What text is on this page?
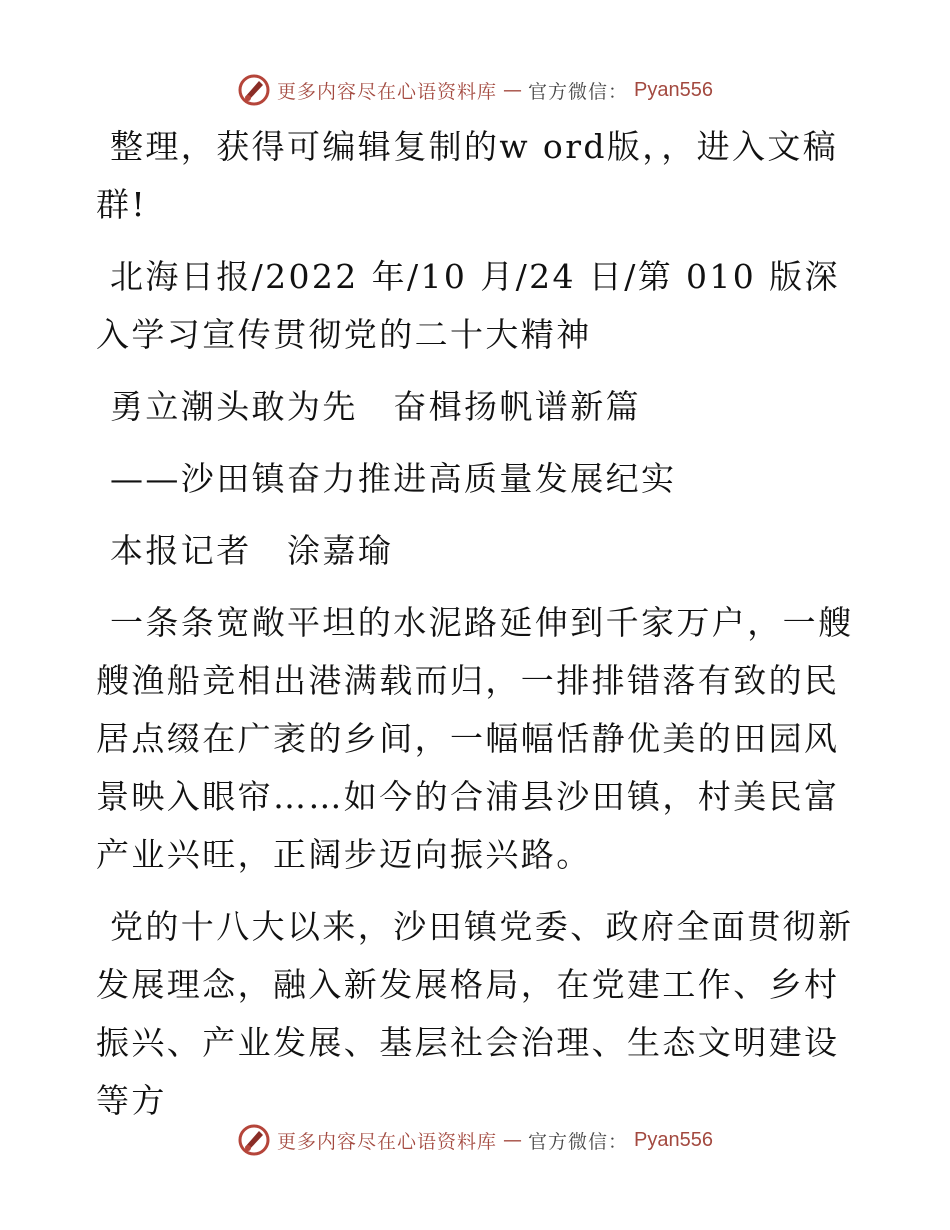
更多内容尽在心语资料库 — 官方微信： Pyan556

整理，获得可编辑复制的w ord版，，进入文稿群!

北海日报/2022 年/10 月/24 日/第 010 版深入学习宣传贯彻党的二十大精神

勇立潮头敢为先　奋楫扬帆谱新篇

——沙田镇奋力推进高质量发展纪实

本报记者　涂嘉瑜

一条条宽敞平坦的水泥路延伸到千家万户，一艘艘渔船竞相出港满载而归，一排排错落有致的民居点缀在广袤的乡间，一幅幅恬静优美的田园风景映入眼帘……如今的合浦县沙田镇，村美民富产业兴旺，正阔步迈向振兴路。

党的十八大以来，沙田镇党委、政府全面贯彻新发展理念，融入新发展格局，在党建工作、乡村振兴、产业发展、基层社会治理、生态文明建设等方

更多内容尽在心语资料库 — 官方微信： Pyan556
